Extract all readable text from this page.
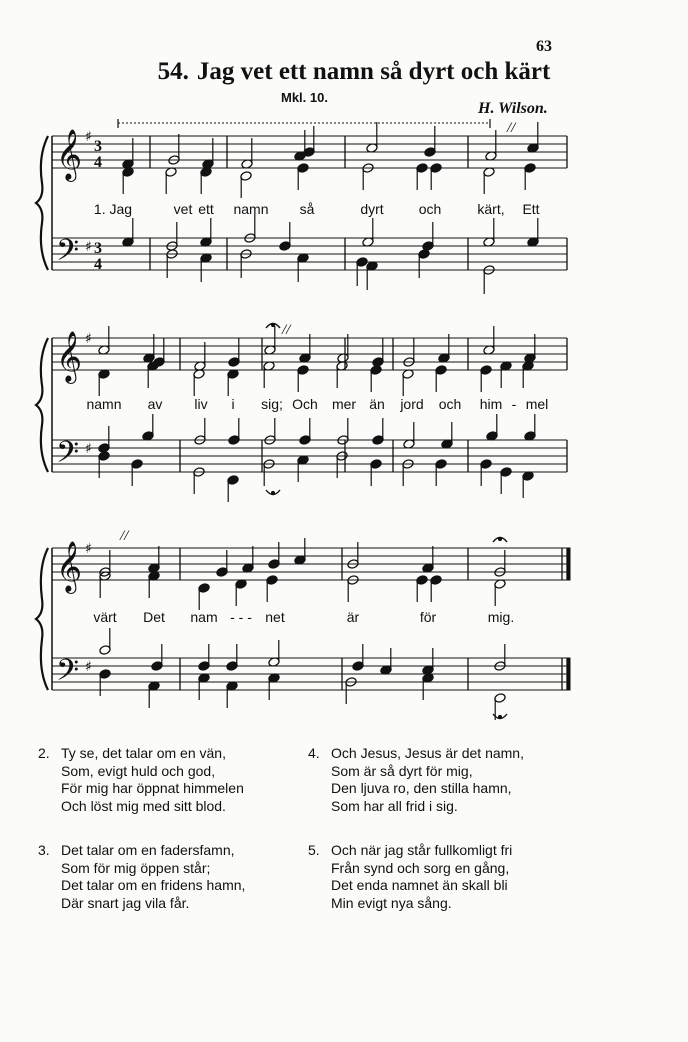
63
54. Jag vet ett namn så dyrt och kärt
Mkl. 10.
H. Wilson.
𝄞
𝄢
♯
♯
3
4
3
4
𝄞
𝄢
♯
♯
𝄞
𝄢
♯
♯
//
//
//
1. Jag	vet ett namn så	dyrt	och	kärt, Ett
namn av liv i sig; Och mer än jord och him - mel
värt Det nam - - - net	är	för	mig.
2. Ty se, det talar om en vän,
Som, evigt huld och god,
För mig har öppnat himmelen
Och löst mig med sitt blod.
3. Det talar om en fadersfamn,
Som för mig öppen står;
Det talar om en fridens hamn,
Där snart jag vila får.
4. Och Jesus, Jesus är det namn,
Som är så dyrt för mig,
Den ljuva ro, den stilla hamn,
Som har all frid i sig.
5. Och när jag står fullkomligt fri
Från synd och sorg en gång,
Det enda namnet än skall bli
Min evigt nya sång.
